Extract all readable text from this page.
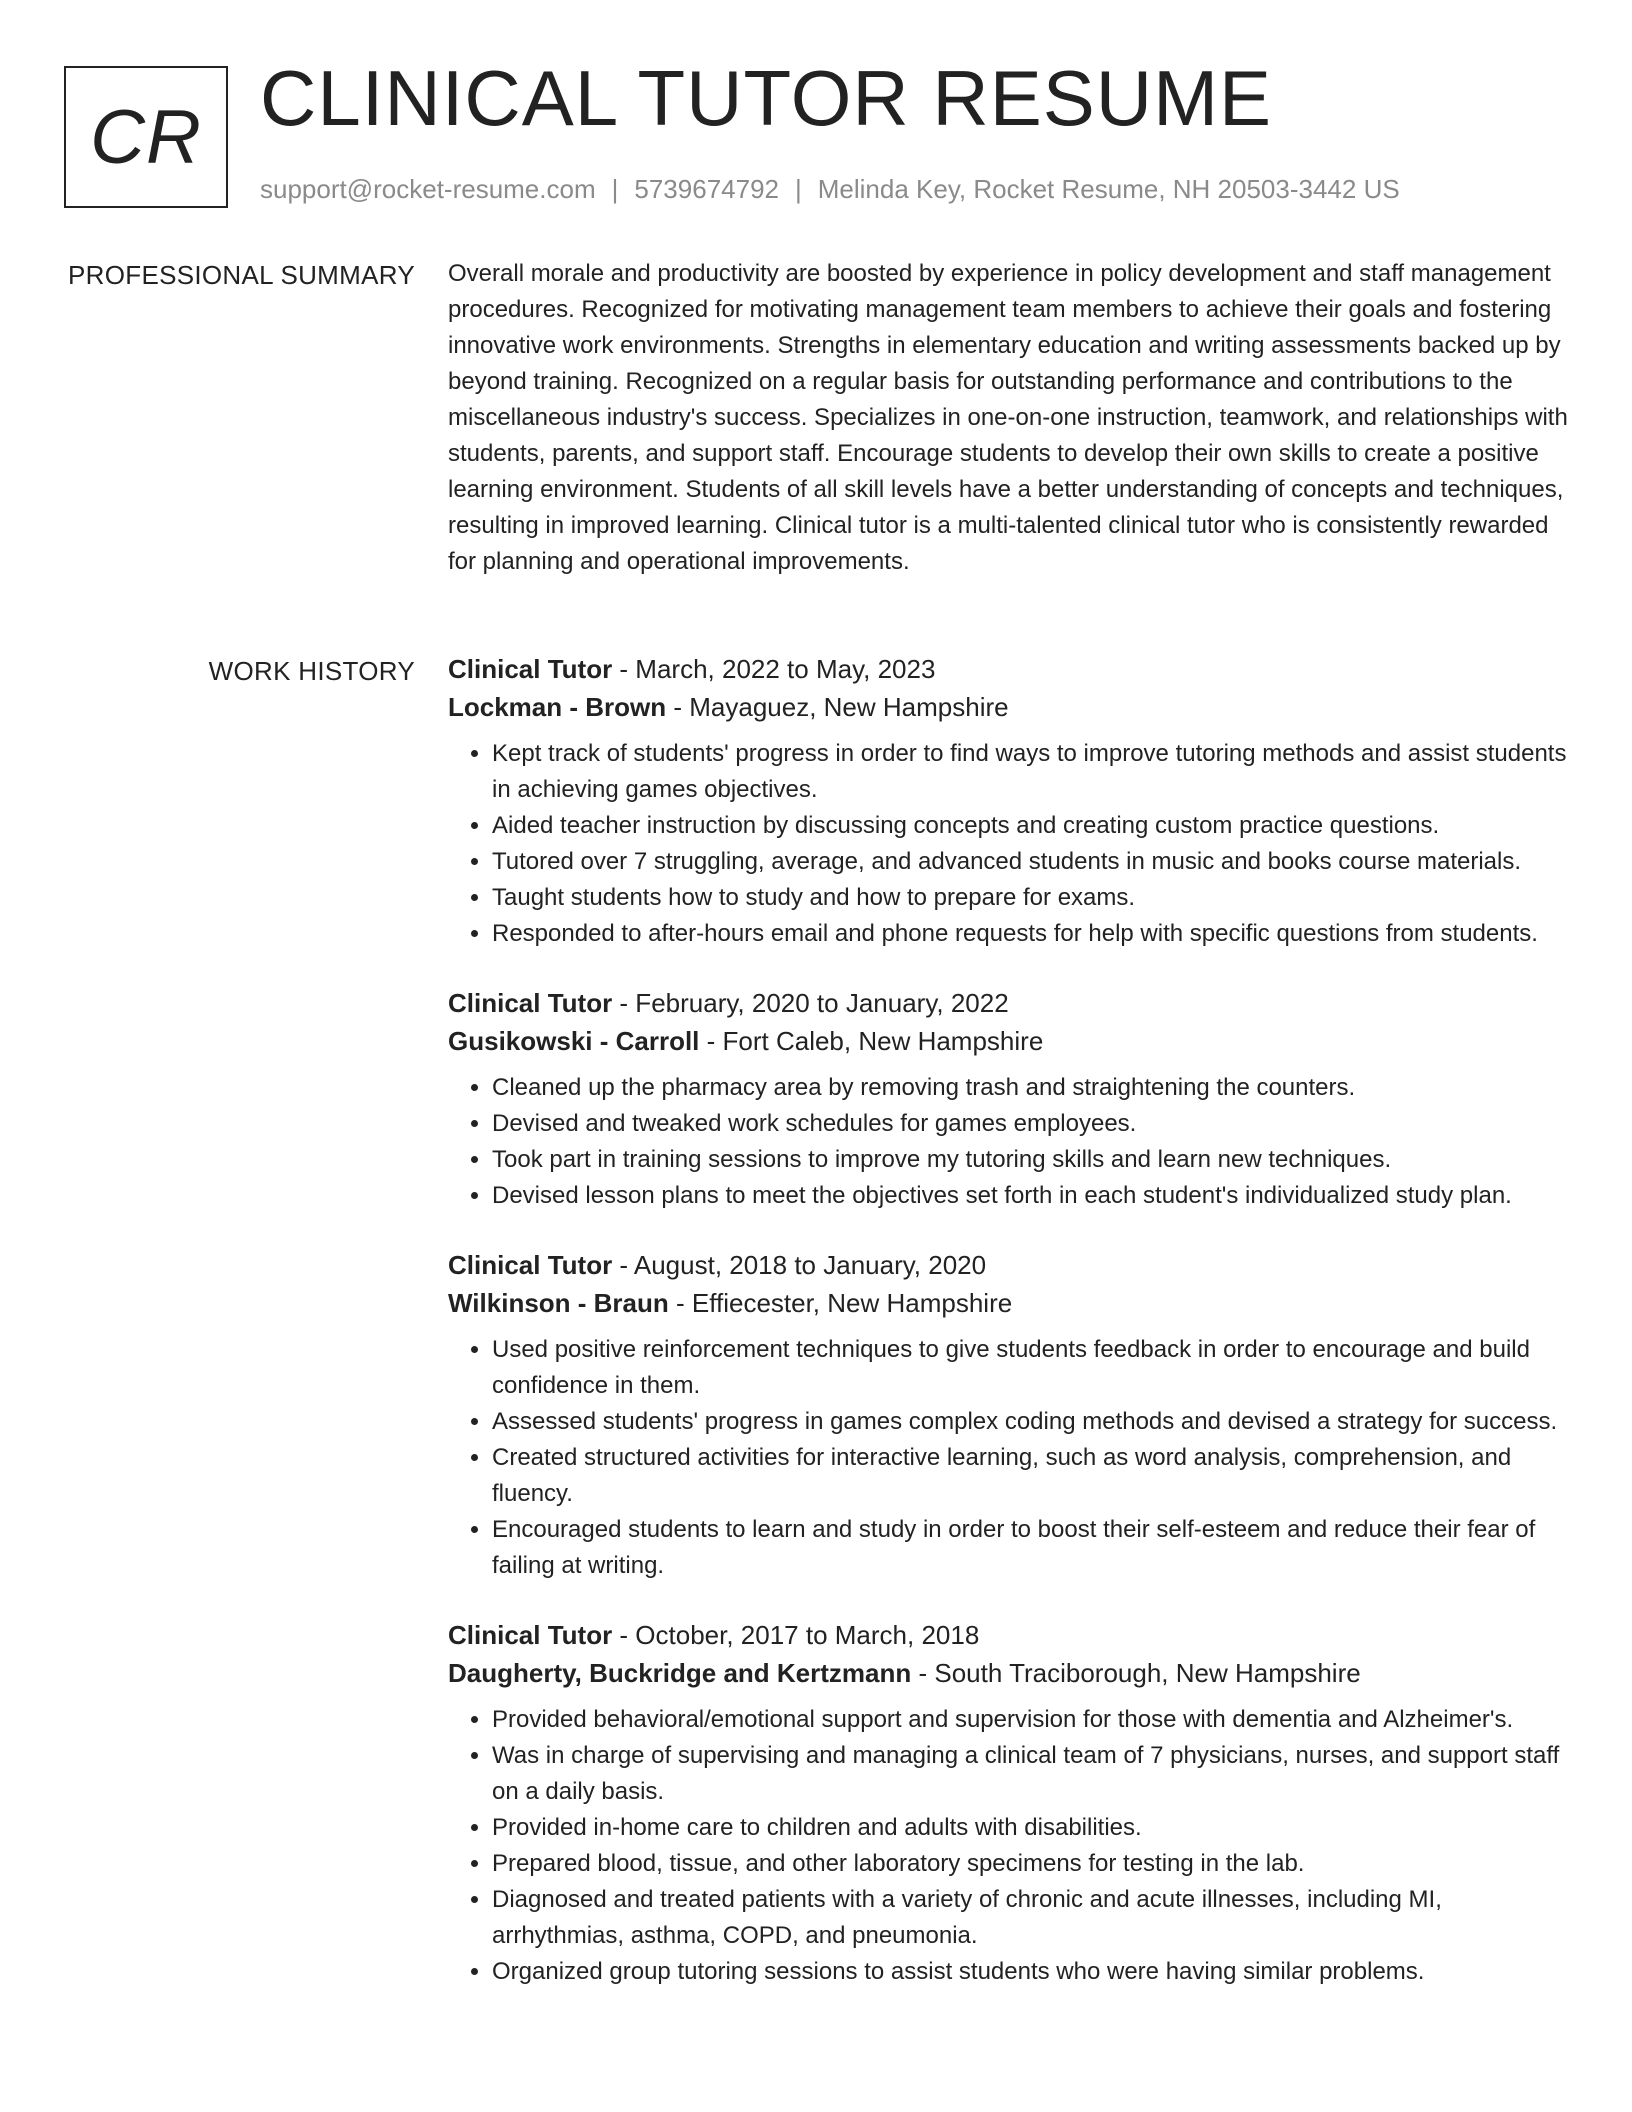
CR CLINICAL TUTOR RESUME
support@rocket-resume.com | 5739674792 | Melinda Key, Rocket Resume, NH 20503-3442 US
PROFESSIONAL SUMMARY Overall morale and productivity are boosted by experience in policy development and staff management procedures. Recognized for motivating management team members to achieve their goals and fostering innovative work environments. Strengths in elementary education and writing assessments backed up by beyond training. Recognized on a regular basis for outstanding performance and contributions to the miscellaneous industry's success. Specializes in one-on-one instruction, teamwork, and relationships with students, parents, and support staff. Encourage students to develop their own skills to create a positive learning environment. Students of all skill levels have a better understanding of concepts and techniques, resulting in improved learning. Clinical tutor is a multi-talented clinical tutor who is consistently rewarded for planning and operational improvements.

WORK HISTORY Clinical Tutor - March, 2022 to May, 2023
Lockman - Brown - Mayaguez, New Hampshire
• Kept track of students' progress in order to find ways to improve tutoring methods and assist students in achieving games objectives.
• Aided teacher instruction by discussing concepts and creating custom practice questions.
• Tutored over 7 struggling, average, and advanced students in music and books course materials.
• Taught students how to study and how to prepare for exams.
• Responded to after-hours email and phone requests for help with specific questions from students.
Clinical Tutor - February, 2020 to January, 2022
Gusikowski - Carroll - Fort Caleb, New Hampshire
• Cleaned up the pharmacy area by removing trash and straightening the counters.
• Devised and tweaked work schedules for games employees.
• Took part in training sessions to improve my tutoring skills and learn new techniques.
• Devised lesson plans to meet the objectives set forth in each student's individualized study plan.
Clinical Tutor - August, 2018 to January, 2020
Wilkinson - Braun - Effiecester, New Hampshire
• Used positive reinforcement techniques to give students feedback in order to encourage and build confidence in them.
• Assessed students' progress in games complex coding methods and devised a strategy for success.
• Created structured activities for interactive learning, such as word analysis, comprehension, and fluency.
• Encouraged students to learn and study in order to boost their self-esteem and reduce their fear of failing at writing.
Clinical Tutor - October, 2017 to March, 2018
Daugherty, Buckridge and Kertzmann - South Traciborough, New Hampshire
• Provided behavioral/emotional support and supervision for those with dementia and Alzheimer's.
• Was in charge of supervising and managing a clinical team of 7 physicians, nurses, and support staff on a daily basis.
• Provided in-home care to children and adults with disabilities.
• Prepared blood, tissue, and other laboratory specimens for testing in the lab.
• Diagnosed and treated patients with a variety of chronic and acute illnesses, including MI, arrhythmias, asthma, COPD, and pneumonia.
• Organized group tutoring sessions to assist students who were having similar problems.
